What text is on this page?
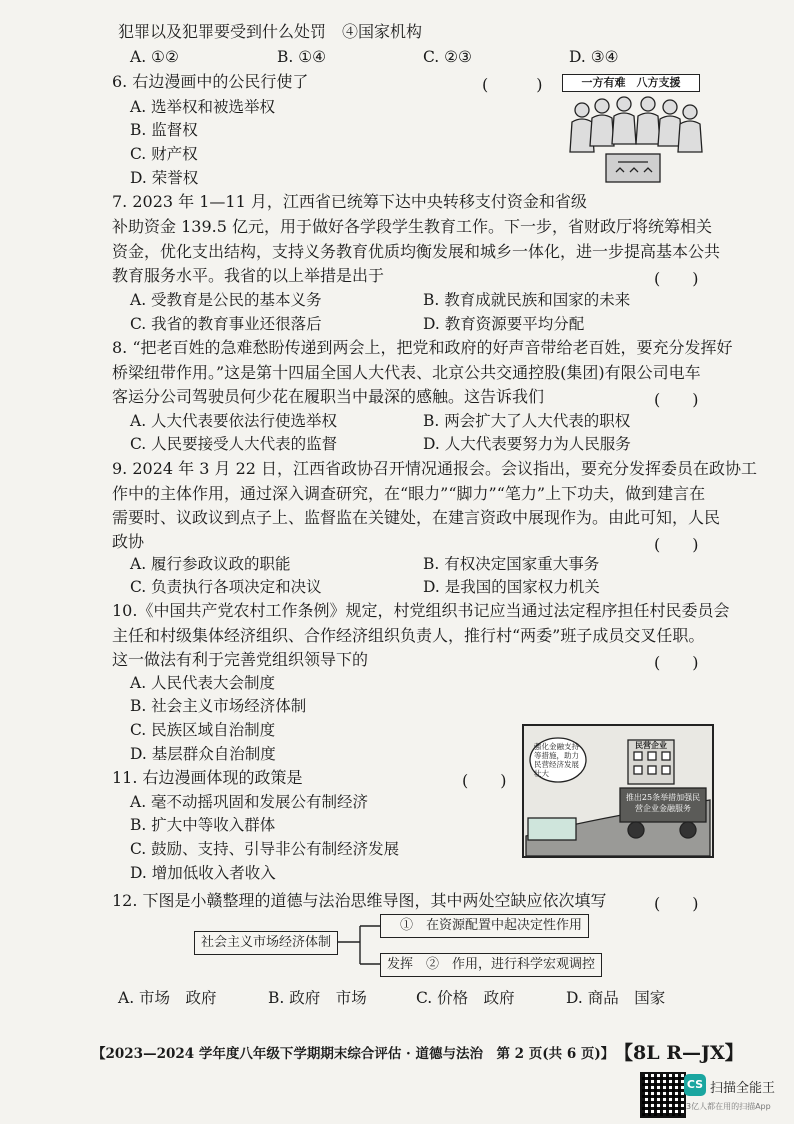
犯罪以及犯罪要受到什么处罚　④国家机构
A. ①②	B. ①④	C. ②③	D. ③④
6. 右边漫画中的公民行使了	(　　　)
A. 选举权和被选举权
B. 监督权
C. 财产权
D. 荣誉权
一方有难　八方支援
7. 2023 年 1—11 月，江西省已统筹下达中央转移支付资金和省级
补助资金 139.5 亿元，用于做好各学段学生教育工作。下一步，省财政厅将统筹相关
资金，优化支出结构，支持义务教育优质均衡发展和城乡一体化，进一步提高基本公共
教育服务水平。我省的以上举措是出于	(　　)
A. 受教育是公民的基本义务	B. 教育成就民族和国家的未来
C. 我省的教育事业还很落后	D. 教育资源要平均分配
8. “把老百姓的急难愁盼传递到两会上，把党和政府的好声音带给老百姓，要充分发挥好
桥梁纽带作用。”这是第十四届全国人大代表、北京公共交通控股(集团)有限公司电车
客运分公司驾驶员何少花在履职当中最深的感触。这告诉我们	(　　)
A. 人大代表要依法行使选举权	B. 两会扩大了人大代表的职权
C. 人民要接受人大代表的监督	D. 人大代表要努力为人民服务
9. 2024 年 3 月 22 日，江西省政协召开情况通报会。会议指出，要充分发挥委员在政协工
作中的主体作用，通过深入调查研究，在“眼力”“脚力”“笔力”上下功夫，做到建言在
需要时、议政议到点子上、监督监在关键处，在建言资政中展现作为。由此可知，人民
政协	(　　)
A. 履行参政议政的职能	B. 有权决定国家重大事务
C. 负责执行各项决定和决议	D. 是我国的国家权力机关
10.《中国共产党农村工作条例》规定，村党组织书记应当通过法定程序担任村民委员会
主任和村级集体经济组织、合作经济组织负责人，推行村“两委”班子成员交叉任职。
这一做法有利于完善党组织领导下的	(　　)
A. 人民代表大会制度
B. 社会主义市场经济体制
C. 民族区域自治制度
D. 基层群众自治制度
11. 右边漫画体现的政策是	(　　)
A. 毫不动摇巩固和发展公有制经济
B. 扩大中等收入群体
C. 鼓励、支持、引导非公有制经济发展
D. 增加低收入者收入
强化金融支持等措施，助力民营经济发展壮大
民营企业
推出25条举措加强民营企业金融服务
12. 下图是小赣整理的道德与法治思维导图，其中两处空缺应依次填写	(　　)
社会主义市场经济体制
　①　在资源配置中起决定性作用
发挥　②　作用，进行科学宏观调控
A. 市场　政府	B. 政府　市场	C. 价格　政府	D. 商品　国家
【2023—2024 学年度八年级下学期期末综合评估 · 道德与法治　第 2 页(共 6 页)】 【8L R—JX】
CS 扫描全能王
3亿人都在用的扫描App
